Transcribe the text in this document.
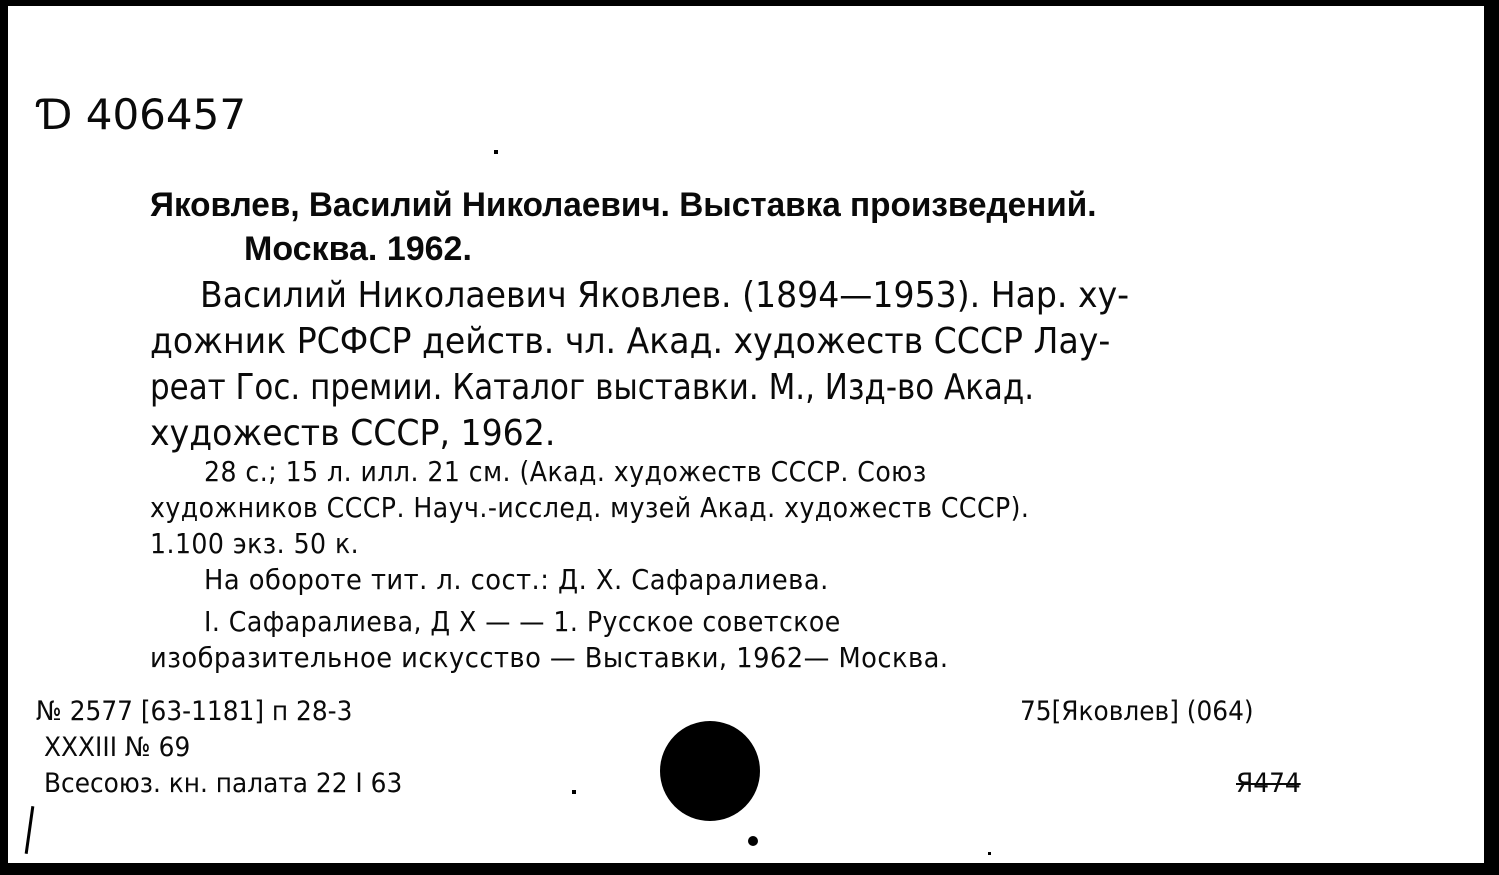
Ɗ 406457
Яковлев, Василий Николаевич. Выставка произведений.
Москва. 1962.
Василий Николаевич Яковлев. (1894—1953). Нар. ху-
дожник РСФСР действ. чл. Акад. художеств СССР Лау-
реат Гос. премии. Каталог выставки. М., Изд-во Акад.
художеств СССР, 1962.
28 с.; 15 л. илл. 21 см. (Акад. художеств СССР. Союз
художников СССР. Науч.-исслед. музей Акад. художеств СССР).
1.100 экз. 50 к.
На обороте тит. л. сост.: Д. Х. Сафаралиева.
I. Сафаралиева, Д Х — — 1. Русское советское
изобразительное искусство — Выставки, 1962— Москва.
№ 2577 [63-1181] п 28-3
XXXIII № 69
Всесоюз. кн. палата 22 I 63
75[Яковлев] (064)
Я474
